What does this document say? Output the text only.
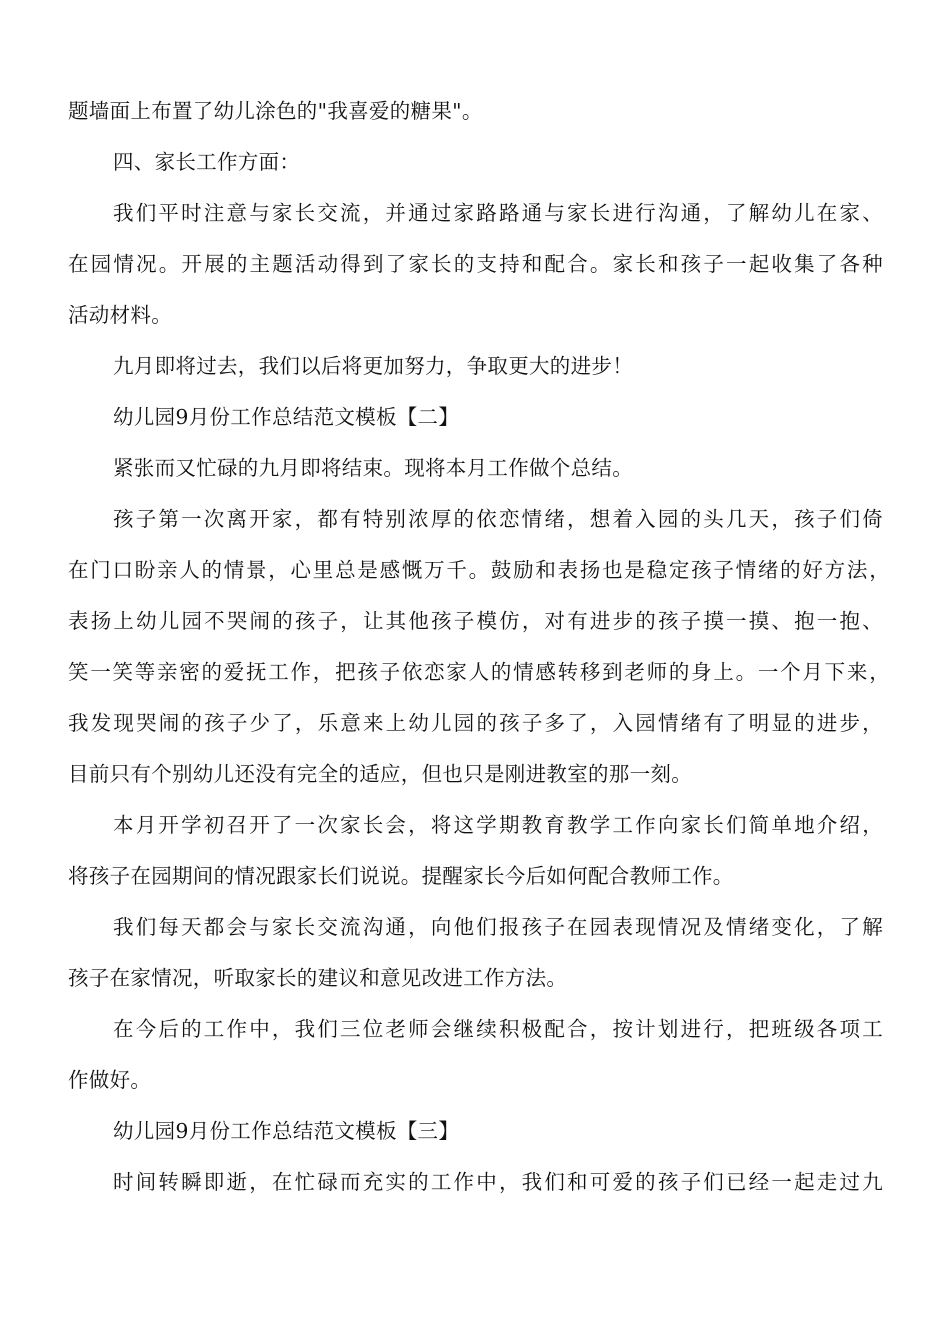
题墙面上布置了幼儿涂色的"我喜爱的糖果"。
四、家长工作方面：
我们平时注意与家长交流，并通过家路路通与家长进行沟通，了解幼儿在家、
在园情况。开展的主题活动得到了家长的支持和配合。家长和孩子一起收集了各种
活动材料。
九月即将过去，我们以后将更加努力，争取更大的进步！
幼儿园9月份工作总结范文模板【二】
紧张而又忙碌的九月即将结束。现将本月工作做个总结。
孩子第一次离开家，都有特别浓厚的依恋情绪，想着入园的头几天，孩子们倚
在门口盼亲人的情景，心里总是感慨万千。鼓励和表扬也是稳定孩子情绪的好方法，
表扬上幼儿园不哭闹的孩子，让其他孩子模仿，对有进步的孩子摸一摸、抱一抱、
笑一笑等亲密的爱抚工作，把孩子依恋家人的情感转移到老师的身上。一个月下来，
我发现哭闹的孩子少了，乐意来上幼儿园的孩子多了，入园情绪有了明显的进步，
目前只有个别幼儿还没有完全的适应，但也只是刚进教室的那一刻。
本月开学初召开了一次家长会，将这学期教育教学工作向家长们简单地介绍，
将孩子在园期间的情况跟家长们说说。提醒家长今后如何配合教师工作。
我们每天都会与家长交流沟通，向他们报孩子在园表现情况及情绪变化，了解
孩子在家情况，听取家长的建议和意见改进工作方法。
在今后的工作中，我们三位老师会继续积极配合，按计划进行，把班级各项工
作做好。
幼儿园9月份工作总结范文模板【三】
时间转瞬即逝，在忙碌而充实的工作中，我们和可爱的孩子们已经一起走过九
